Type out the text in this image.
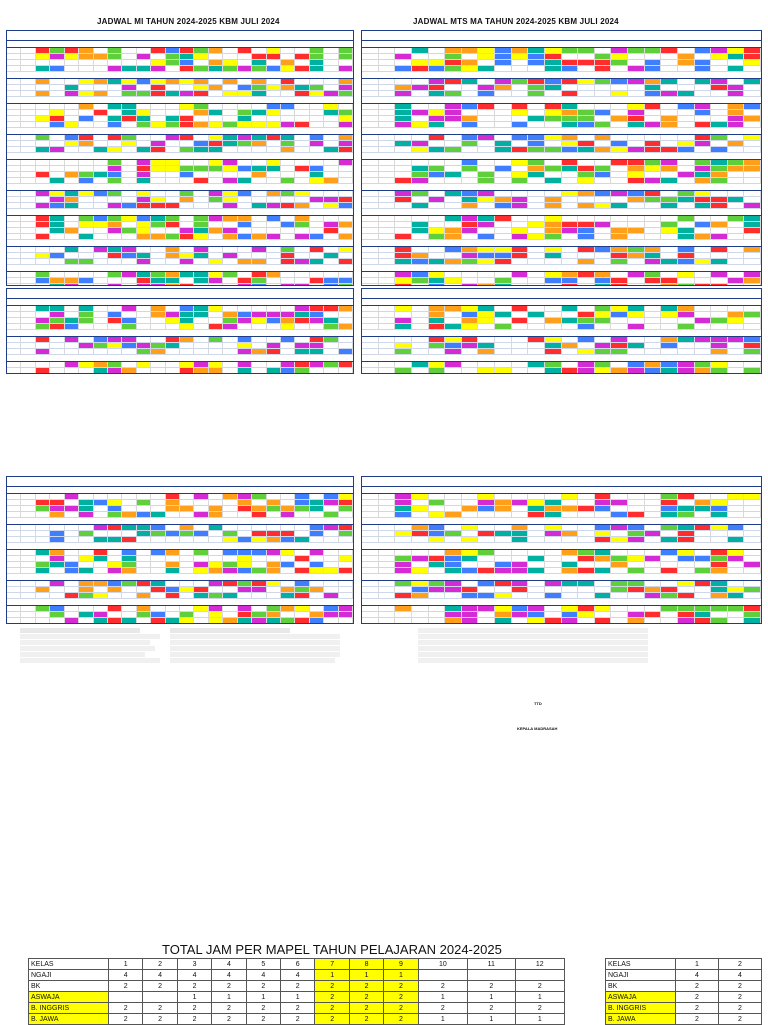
JADWAL MI TAHUN 2024-2025 KBM JULI 2024	JADWAL MTS MA TAHUN 2024-2025 KBM JULI 2024
TTD
KEPALA MADRASAH
TOTAL JAM PER MAPEL TAHUN PELAJARAN 2024-2025
KELAS	1	2	3	4	5	6	7	8	9	10	11	12
NGAJI	4	4	4	4	4	4	1	1	1			
BK	2	2	2	2	2	2	2	2	2	2	2	2
ASWAJA			1	1	1	1	2	2	2	1	1	1
B. INGGRIS	2	2	2	2	2	2	2	2	2	2	2	2
B. JAWA	2	2	2	2	2	2	2	2	2	1	1	1
KELAS	1	2
NGAJI	4	4
BK	2	2
ASWAJA	2	2
B. INGGRIS	2	2
B. JAWA	2	2
